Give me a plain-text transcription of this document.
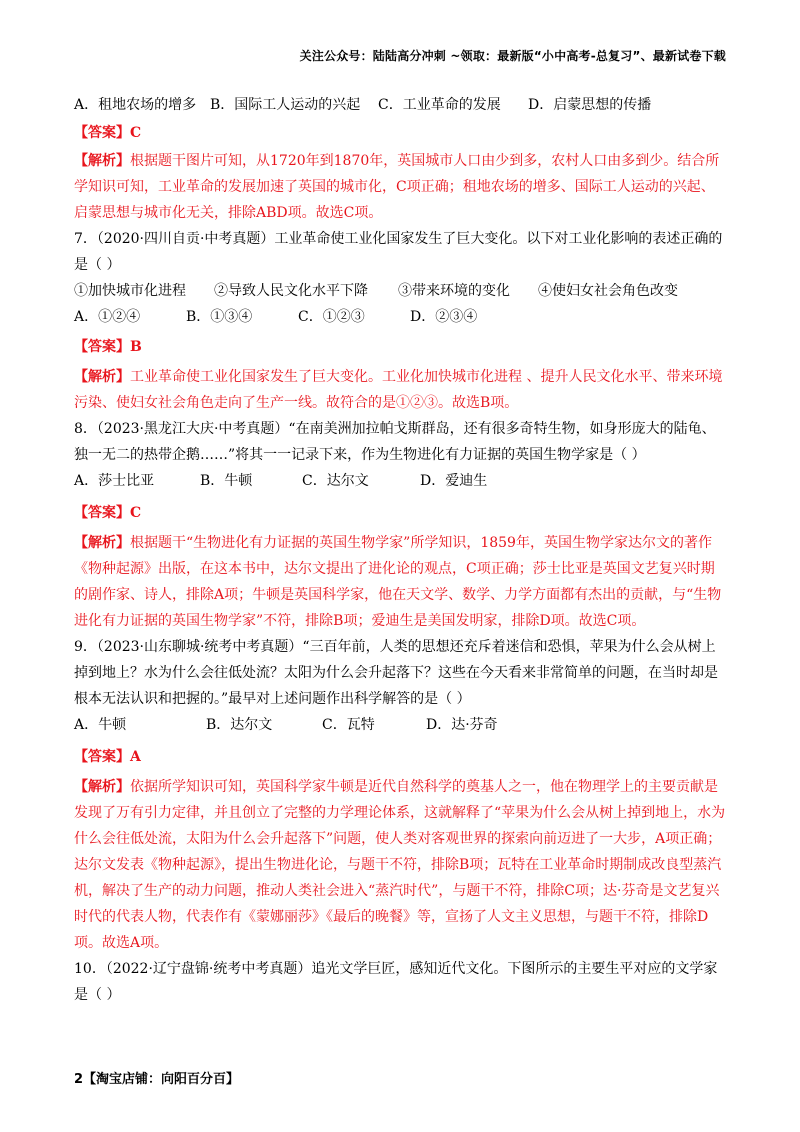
关注公众号：陆陆高分冲刺 ~领取：最新版“小中高考-总复习”、最新试卷下载
A．租地农场的增多 B．国际工人运动的兴起	C．工业革命的发展	D．启蒙思想的传播
【答案】C
【解析】根据题干图片可知，从1720年到1870年，英国城市人口由少到多，农村人口由多到少。结合所学知识可知，工业革命的发展加速了英国的城市化，C项正确；租地农场的增多、国际工人运动的兴起、启蒙思想与城市化无关，排除ABD项。故选C项。
7．（2020·四川自贡·中考真题）工业革命使工业化国家发生了巨大变化。以下对工业化影响的表述正确的是（ ）
①加快城市化进程	②导致人民文化水平下降	③带来环境的变化	④使妇女社会角色改变
A．①②④	B．①③④	C．①②③	D．②③④
【答案】B
【解析】工业革命使工业化国家发生了巨大变化。工业化加快城市化进程 、提升人民文化水平、带来环境污染、使妇女社会角色走向了生产一线。故符合的是①②③。故选B项。
8．（2023·黑龙江大庆·中考真题）“在南美洲加拉帕戈斯群岛，还有很多奇特生物，如身形庞大的陆龟、独一无二的热带企鹅……”将其一一记录下来，作为生物进化有力证据的英国生物学家是（ ）
A．莎士比亚	B．牛顿	C．达尔文	D．爱迪生
【答案】C
【解析】根据题干“生物进化有力证据的英国生物学家”所学知识，1859年，英国生物学家达尔文的著作《物种起源》出版，在这本书中，达尔文提出了进化论的观点，C项正确；莎士比亚是英国文艺复兴时期的剧作家、诗人，排除A项；牛顿是英国科学家，他在天文学、数学、力学方面都有杰出的贡献，与“生物进化有力证据的英国生物学家”不符，排除B项；爱迪生是美国发明家，排除D项。故选C项。
9．（2023·山东聊城·统考中考真题）“三百年前，人类的思想还充斥着迷信和恐惧，苹果为什么会从树上掉到地上？水为什么会往低处流？太阳为什么会升起落下？这些在今天看来非常简单的问题，在当时却是根本无法认识和把握的。”最早对上述问题作出科学解答的是（ ）
A．牛顿	B．达尔文	C．瓦特	D．达·芬奇
【答案】A
【解析】依据所学知识可知，英国科学家牛顿是近代自然科学的奠基人之一，他在物理学上的主要贡献是发现了万有引力定律，并且创立了完整的力学理论体系，这就解释了“苹果为什么会从树上掉到地上，水为什么会往低处流，太阳为什么会升起落下”问题，使人类对客观世界的探索向前迈进了一大步，A项正确；达尔文发表《物种起源》，提出生物进化论，与题干不符，排除B项；瓦特在工业革命时期制成改良型蒸汽机，解决了生产的动力问题，推动人类社会进入“蒸汽时代”，与题干不符，排除C项；达·芬奇是文艺复兴时代的代表人物，代表作有《蒙娜丽莎》《最后的晚餐》等，宣扬了人文主义思想，与题干不符，排除D项。故选A项。
10．（2022·辽宁盘锦·统考中考真题）追光文学巨匠，感知近代文化。下图所示的主要生平对应的文学家是（ ）
2【淘宝店铺：向阳百分百】
